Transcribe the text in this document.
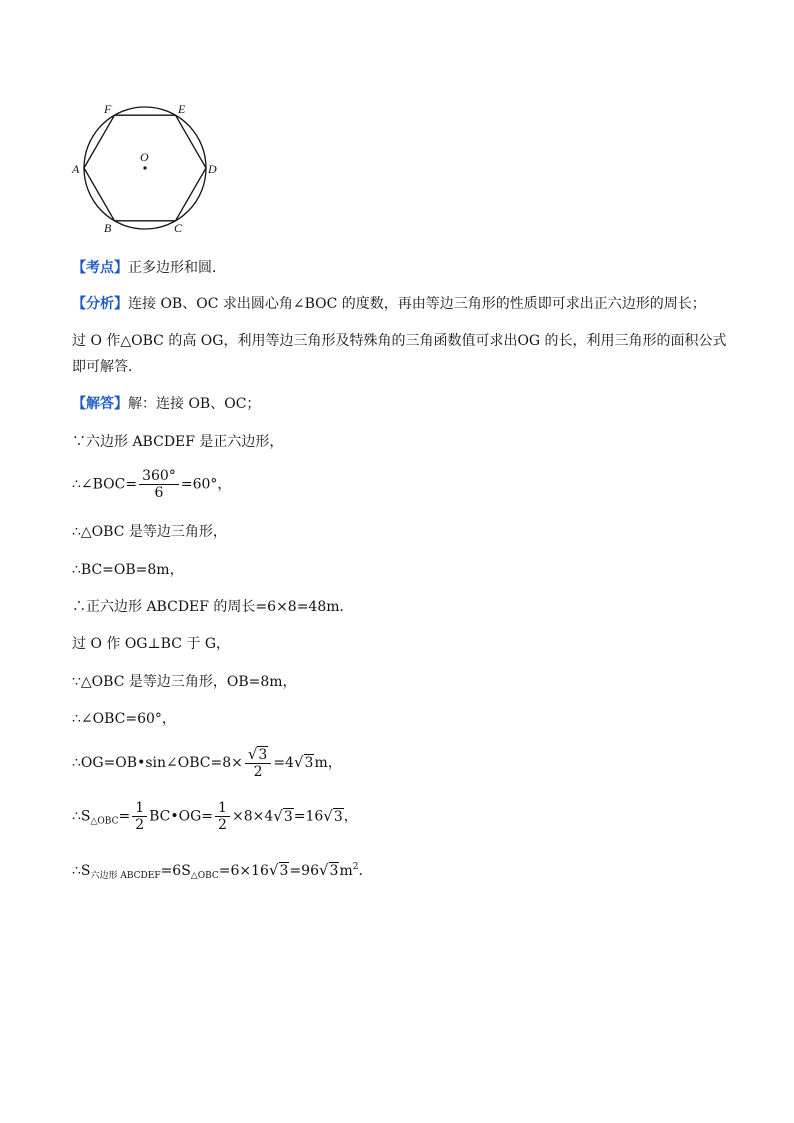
F	E
A	D
B	C
O
【考点】正多边形和圆．
【分析】连接 OB、OC 求出圆心角∠BOC 的度数，再由等边三角形的性质即可求出正六边形的周长；
过 O 作△OBC 的高 OG，利用等边三角形及特殊角的三角函数值可求出OG 的长，利用三角形的面积公式即可解答．
【解答】解：连接 OB、OC；
∵六边形 ABCDEF 是正六边形，
∴∠BOC= $\frac{360^\circ}{6} =60^\circ$，
∴△OBC 是等边三角形，
∴BC=OB=8m，
∴正六边形 ABCDEF 的周长=6×8=48m．
过 O 作 OG⊥BC 于 G，
∵△OBC 是等边三角形，OB=8m，
∴∠OBC=60°，
∴OG=OB•sin∠OBC=8× $\frac{√3}{2} =4√3m$，
$\therefore S_{\triangle OBC}= \frac{1}{2}$ BC•OG= $\frac{1}{2} \times 8\times 4√3=16√3$，
$\therefore S_{六边形 ABCDEF}=6S_{\triangle OBC}=6\times 16√3=96√3m^2$．
